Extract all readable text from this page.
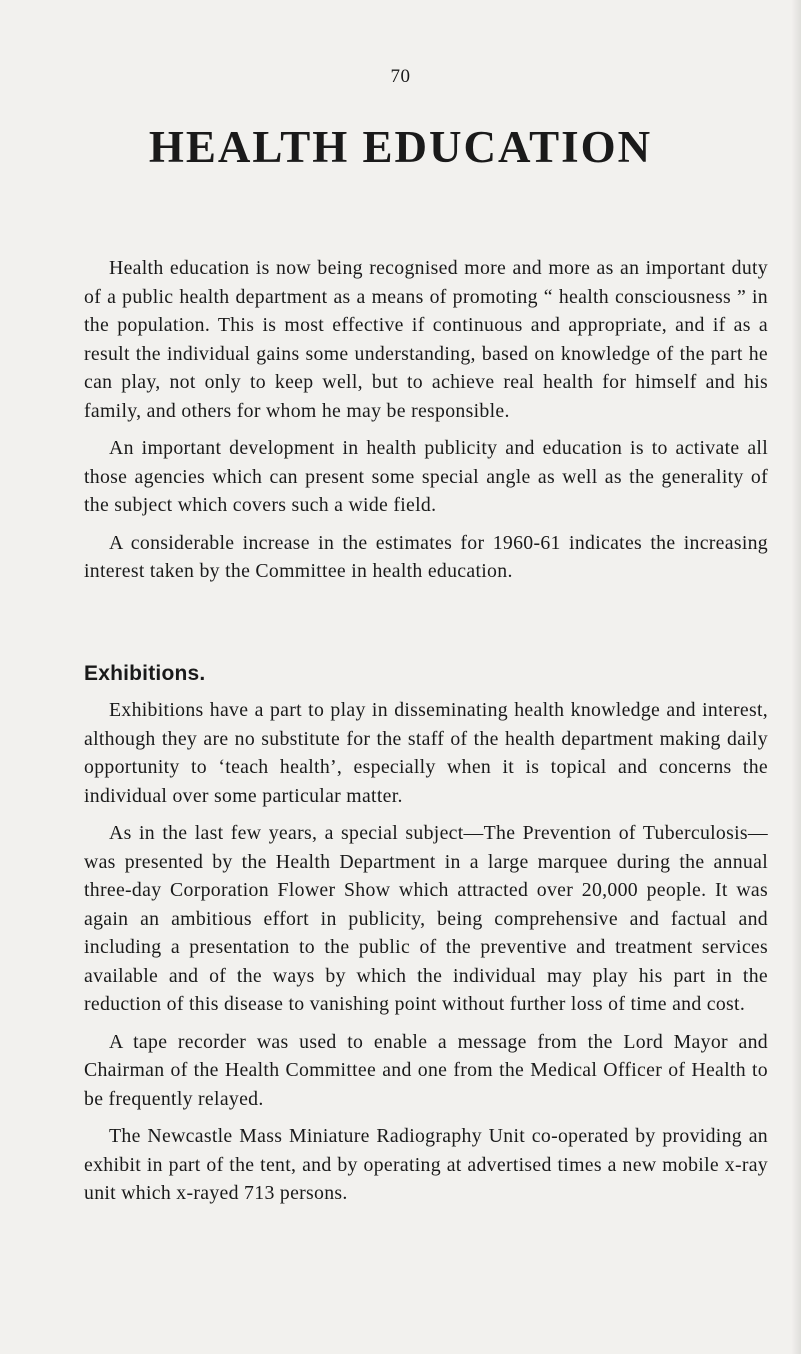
70
HEALTH EDUCATION

Health education is now being recognised more and more as an important duty of a public health department as a means of promoting “ health consciousness ” in the population. This is most effective if continuous and appropriate, and if as a result the individual gains some understanding, based on knowledge of the part he can play, not only to keep well, but to achieve real health for himself and his family, and others for whom he may be responsible.

An important development in health publicity and education is to activate all those agencies which can present some special angle as well as the generality of the subject which covers such a wide field.

A considerable increase in the estimates for 1960-61 indicates the increasing interest taken by the Committee in health education.

Exhibitions.

Exhibitions have a part to play in disseminating health knowledge and interest, although they are no substitute for the staff of the health department making daily opportunity to ‘teach health’, especially when it is topical and concerns the individual over some particular matter.

As in the last few years, a special subject—The Prevention of Tuberculosis—was presented by the Health Department in a large marquee during the annual three-day Corporation Flower Show which attracted over 20,000 people. It was again an ambitious effort in publicity, being comprehensive and factual and including a presentation to the public of the preventive and treatment services available and of the ways by which the individual may play his part in the reduction of this disease to vanishing point without further loss of time and cost.

A tape recorder was used to enable a message from the Lord Mayor and Chairman of the Health Committee and one from the Medical Officer of Health to be frequently relayed.

The Newcastle Mass Miniature Radiography Unit co-operated by providing an exhibit in part of the tent, and by operating at advertised times a new mobile x-ray unit which x-rayed 713 persons.
